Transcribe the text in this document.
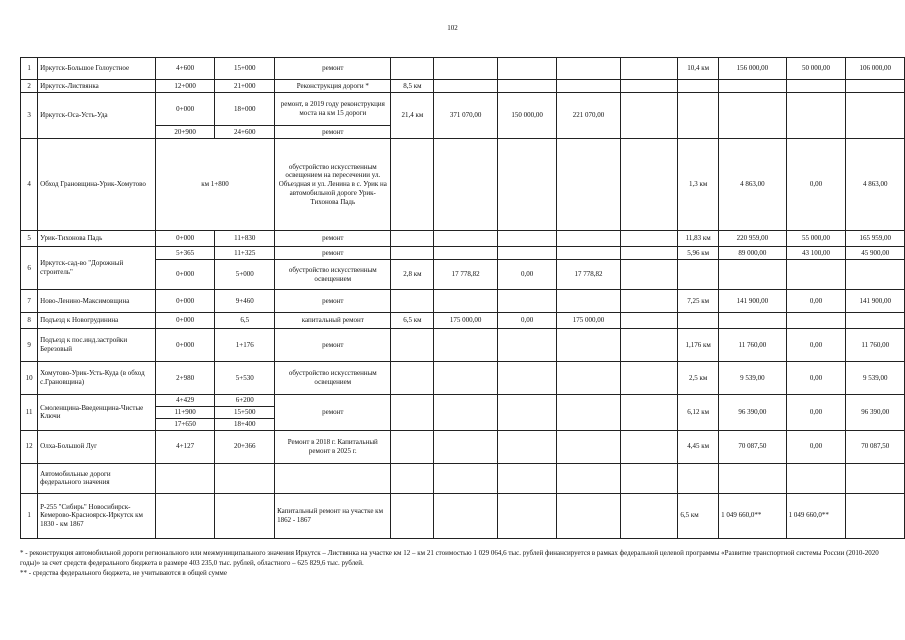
102
1	Иркутск-Большое Голоустное	4+600	15+000	ремонт						10,4 км	156 000,00	50 000,00	106 000,00
2	Иркутск-Листвянка	12+000	21+000	Реконструкция дороги *	8,5 км								
3	Иркутск-Оса-Усть-Уда	0+000	18+000	ремонт, в 2019 году реконструкция моста на км 15 дороги	21,4 км	371 070,00	150 000,00	221 070,00					
		20+900	24+600	ремонт									
4	Обход Грановщина-Урик-Хомутово	км 1+800		обустройство искусственным освещением на пересечении ул. Объездная и ул. Ленина в с. Урик на автомобильной дороге Урик-Тихонова Падь						1,3 км	4 863,00	0,00	4 863,00
5	Урик-Тихонова Падь	0+000	11+830	ремонт						11,83 км	220 959,00	55 000,00	165 959,00
6	Иркутск-сад-во "Дорожный строитель"	5+365	11+325	ремонт						5,96 км	89 000,00	43 100,00	45 900,00
		0+000	5+000	обустройство искусственным освещением	2,8 км	17 778,82	0,00	17 778,82					
7	Ново-Ленино-Максимовщина	0+000	9+460	ремонт						7,25 км	141 900,00	0,00	141 900,00
8	Подъезд к Новогрудинина	0+000	6,5	капитальный ремонт	6,5 км	175 000,00	0,00	175 000,00					
9	Подъезд к пос.инд.застройки Березовый	0+000	1+176	ремонт						1,176 км	11 760,00	0,00	11 760,00
10	Хомутово-Урик-Усть-Куда (в обход с.Грановщина)	2+980	5+530	обустройство искусственным освещением						2,5 км	9 539,00	0,00	9 539,00
11	Смоленщина-Введенщина-Чистые Ключи	4+429	6+200	ремонт						6,12 км	96 390,00	0,00	96 390,00
		11+900	15+500										
		17+650	18+400										
12	Олха-Большой Луг	4+127	20+366	Ремонт в 2018 г. Капитальный ремонт в 2025 г.						4,45 км	70 087,50	0,00	70 087,50
	Автомобильные дороги федерального значения												
1	Р-255 "Сибирь" Новосибирск-Кемерово-Красноярск-Иркутск км 1830 - км 1867			Капитальный ремонт на участке км 1862 - 1867						6,5 км	1 049 660,0**	1 049 660,0**	
* - реконструкция автомобильной дороги регионального или межмуниципального значения Иркутск – Листвянка на участке км 12 – км 21 стоимостью 1 029 064,6 тыс. рублей финансируется в рамках федеральной целевой программы «Развитие транспортной системы России (2010-2020 годы)» за счет средств федерального бюджета в размере 403 235,0 тыс. рублей, областного – 625 829,6 тыс. рублей.
** - средства федерального бюджета, не учитываются в общей сумме
